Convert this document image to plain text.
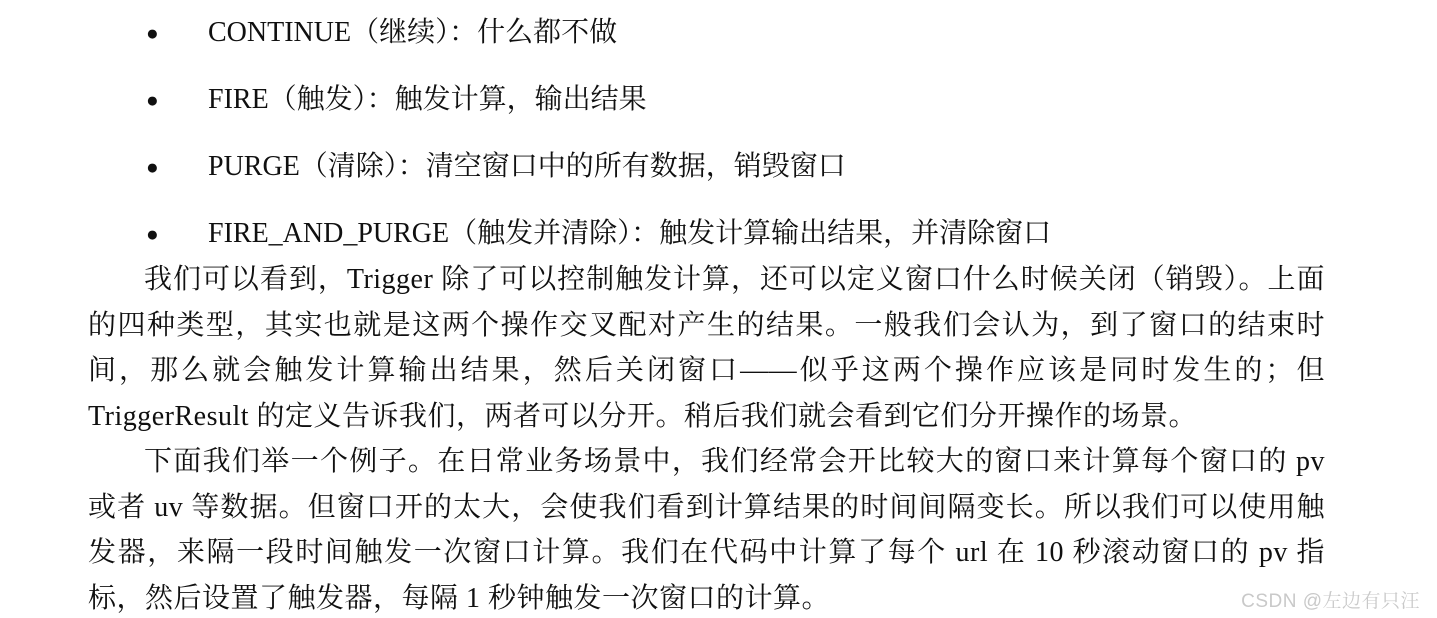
●	CONTINUE（继续）：什么都不做
●	FIRE（触发）：触发计算，输出结果
●	PURGE（清除）：清空窗口中的所有数据，销毁窗口
●	FIRE_AND_PURGE（触发并清除）：触发计算输出结果，并清除窗口

我们可以看到，Trigger 除了可以控制触发计算，还可以定义窗口什么时候关闭（销毁）。上面的四种类型，其实也就是这两个操作交叉配对产生的结果。一般我们会认为，到了窗口的结束时间，那么就会触发计算输出结果，然后关闭窗口——似乎这两个操作应该是同时发生的；但 TriggerResult 的定义告诉我们，两者可以分开。稍后我们就会看到它们分开操作的场景。

下面我们举一个例子。在日常业务场景中，我们经常会开比较大的窗口来计算每个窗口的 pv 或者 uv 等数据。但窗口开的太大，会使我们看到计算结果的时间间隔变长。所以我们可以使用触发器，来隔一段时间触发一次窗口计算。我们在代码中计算了每个 url 在 10 秒滚动窗口的 pv 指标，然后设置了触发器，每隔 1 秒钟触发一次窗口的计算。	CSDN @左边有只汪
